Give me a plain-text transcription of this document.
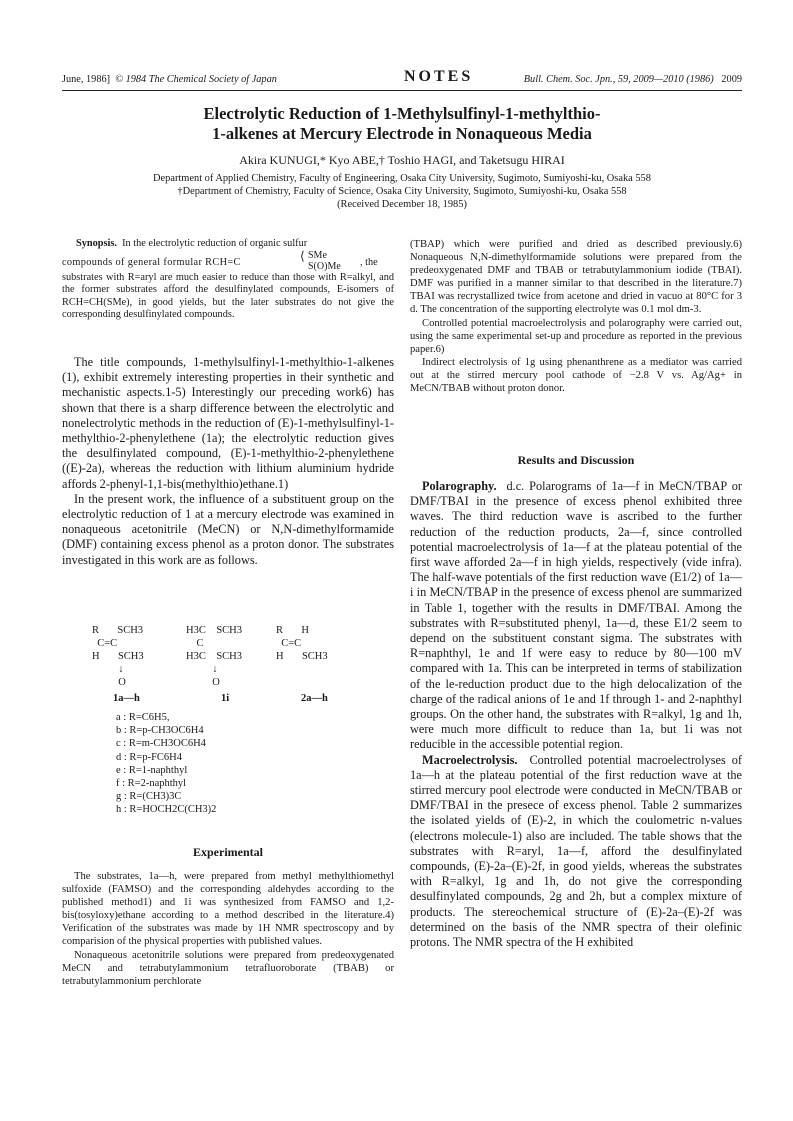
June, 1986] © 1984 The Chemical Society of Japan	NOTES	Bull. Chem. Soc. Jpn., 59, 2009—2010 (1986) 2009
Electrolytic Reduction of 1-Methylsulfinyl-1-methylthio-
1-alkenes at Mercury Electrode in Nonaqueous Media
Akira KUNUGI,* Kyo ABE,† Toshio HAGI, and Taketsugu HIRAI
Department of Applied Chemistry, Faculty of Engineering, Osaka City University, Sugimoto, Sumiyoshi-ku, Osaka 558
†Department of Chemistry, Faculty of Science, Osaka City University, Sugimoto, Sumiyoshi-ku, Osaka 558
(Received December 18, 1985)

Synopsis. In the electrolytic reduction of organic sulfur

compounds of general formular RCH=C	⟨ SMe
S(O)Me , the

substrates with R=aryl are much easier to reduce than those with R=alkyl, and the former substrates afford the desulfinylated compounds, E-isomers of RCH=CH(SMe), in good yields, but the later substrates do not give the corresponding desulfinylated compounds.

The title compounds, 1-methylsulfinyl-1-methylthio-1-alkenes (1), exhibit extremely interesting properties in their synthetic and mechanistic aspects.1-5) Interestingly our preceding work6) has shown that there is a sharp difference between the electrolytic and nonelectrolytic methods in the reduction of (E)-1-methylsulfinyl-1-methylthio-2-phenylethene (1a); the electrolytic reduction gives the desulfinylated compound, (E)-1-methylthio-2-phenylethene ((E)-2a), whereas the reduction with lithium aluminium hydride affords 2-phenyl-1,1-bis(methylthio)ethane.1)

In the present work, the influence of a substituent group on the electrolytic reduction of 1 at a mercury electrode was examined in nonaqueous acetonitrile (MeCN) or N,N-dimethylformamide (DMF) containing excess phenol as a proton donor. The substrates investigated in this work are as follows.

R       SCH3
C=C
H       SCH3
↓
O
H3C    SCH3
C
H3C    SCH3
↓
O
R       H
C=C
H       SCH3
1a—h	1i	2a—h
a : R=C6H5,
b : R=p-CH3OC6H4
c : R=m-CH3OC6H4
d : R=p-FC6H4
e : R=1-naphthyl
f : R=2-naphthyl
g : R=(CH3)3C
h : R=HOCH2C(CH3)2
Experimental

The substrates, 1a—h, were prepared from methyl methylthiomethyl sulfoxide (FAMSO) and the corresponding aldehydes according to the published method1) and 1i was synthesized from FAMSO and 1,2-bis(tosyloxy)ethane according to a method described in the literature.4) Verification of the substrates was made by 1H NMR spectroscopy and by comparision of the physical properties with published values.

Nonaqueous acetonitrile solutions were prepared from predeoxygenated MeCN and tetrabutylammonium tetrafluoroborate (TBAB) or tetrabutylammonium perchlorate

(TBAP) which were purified and dried as described previously.6) Nonaqueous N,N-dimethylformamide solutions were prepared from the predeoxygenated DMF and TBAB or tetrabutylammonium iodide (TBAI). DMF was purified in a manner similar to that described in the literature.7) TBAI was recrystallized twice from acetone and dried in vacuo at 80°C for 3 d. The concentration of the supporting electrolyte was 0.1 mol dm-3.

Controlled potential macroelectrolysis and polarography were carried out, using the same experimental set-up and procedure as reported in the previous paper.6)

Indirect electrolysis of 1g using phenanthrene as a mediator was carried out at the stirred mercury pool cathode of −2.8 V vs. Ag/Ag+ in MeCN/TBAB without proton donor.

Results and Discussion

Polarography. d.c. Polarograms of 1a—f in MeCN/TBAP or DMF/TBAI in the presence of excess phenol exhibited three waves. The third reduction wave is ascribed to the further reduction of the reduction products, 2a—f, since controlled potential macroelectrolysis of 1a—f at the plateau potential of the first wave afforded 2a—f in high yields, respectively (vide infra). The half-wave potentials of the first reduction wave (E1/2) of 1a—i in MeCN/TBAP in the presence of excess phenol are summarized in Table 1, together with the results in DMF/TBAI. Among the substrates with R=substituted phenyl, 1a—d, these E1/2 seem to depend on the substituent constant sigma. The substrates with R=naphthyl, 1e and 1f were easy to reduce by 80—100 mV compared with 1a. This can be interpreted in terms of stabilization of the le-reduction product due to the high delocalization of the charge of the radical anions of 1e and 1f through 1- and 2-naphthyl groups. On the other hand, the substrates with R=alkyl, 1g and 1h, were much more difficult to reduce than 1a, but 1i was not reducible in the accessible potential region.

Macroelectrolysis. Controlled potential macroelectrolyses of 1a—h at the plateau potential of the first reduction wave at the stirred mercury pool electrode were conducted in MeCN/TBAB or DMF/TBAI in the presece of excess phenol. Table 2 summarizes the isolated yields of (E)-2, in which the coulometric n-values (electrons molecule-1) also are included. The table shows that the substrates with R=aryl, 1a—f, afford the desulfinylated compounds, (E)-2a–(E)-2f, in good yields, whereas the substrates with R=alkyl, 1g and 1h, do not give the corresponding desulfinylated compounds, 2g and 2h, but a complex mixture of products. The stereochemical structure of (E)-2a–(E)-2f was determined on the basis of the NMR spectra of their olefinic protons. The NMR spectra of the H exhibited
